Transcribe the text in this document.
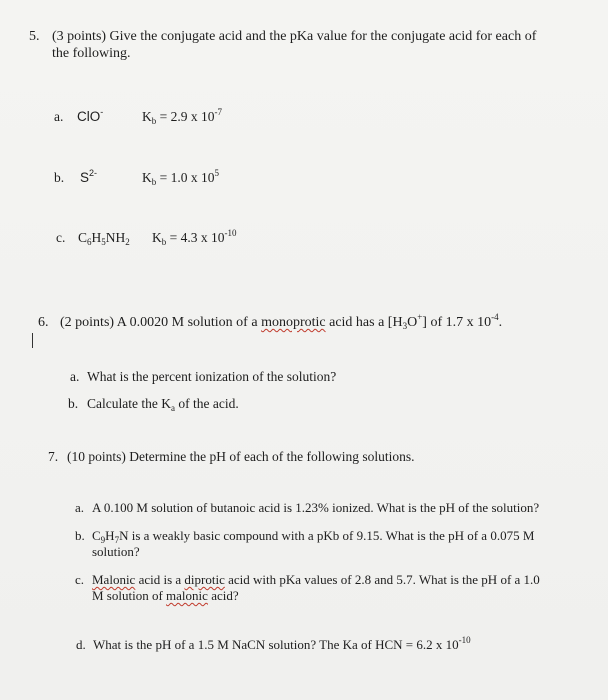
5. (3 points) Give the conjugate acid and the pKa value for the conjugate acid for each of
the following.
a. ClO-	$K_b = 2.9$ x $10^{-7}$
b. $S^{2-}$	$K_b = 1.0$ x $10^5$
c. $C_6H_5NH_2$ $K_b = 4.3$ x $10^{-10}$
6. (2 points) A 0.0020 M solution of a monoprotic acid has a $[H_3O^+]$ of 1.7 x $10^{-4}$.
a. What is the percent ionization of the solution?
b. Calculate the $K_a$ of the acid.
7. (10 points) Determine the pH of each of the following solutions.
a. A 0.100 M solution of butanoic acid is 1.23% ionized. What is the pH of the solution?
b. $C_9H_7N$ is a weakly basic compound with a pKb of 9.15. What is the pH of a 0.075 M
solution?
c. Malonic acid is a diprotic acid with pKa values of 2.8 and 5.7. What is the pH of a 1.0
M solution of malonic acid?
d. What is the pH of a 1.5 M NaCN solution? The Ka of HCN = 6.2 x $10^{-10}$
